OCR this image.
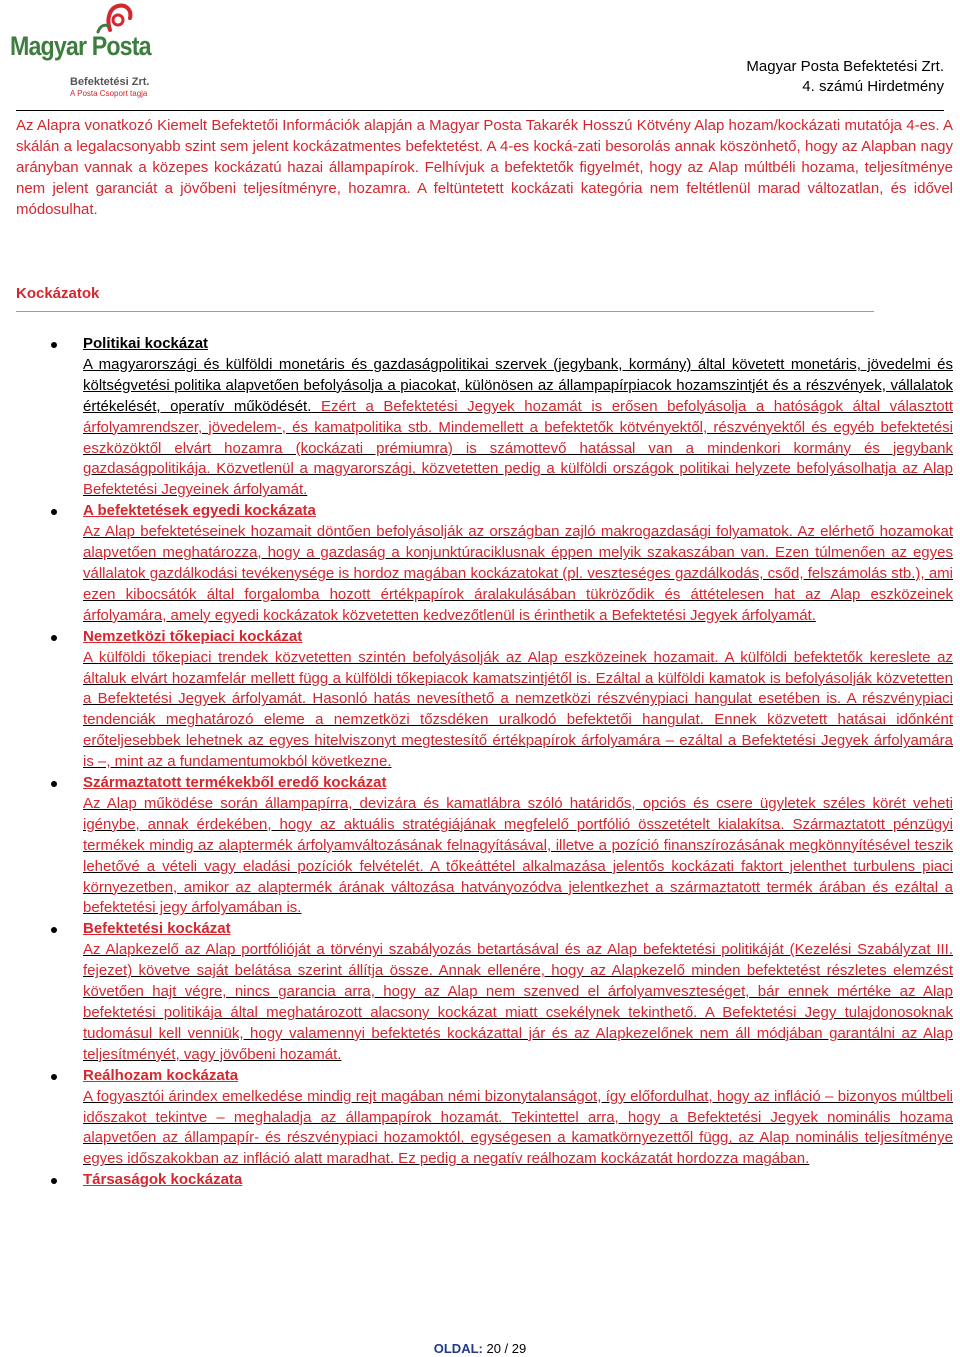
Magyar Posta
Befektetési Zrt.
A Posta Csoport tagja
Magyar Posta Befektetési Zrt.
4. számú Hirdetmény

Az Alapra vonatkozó Kiemelt Befektetői Információk alapján a Magyar Posta Takarék Hosszú Kötvény Alap hozam/kockázati mutatója 4-es. A skálán a legalacsonyabb szint sem jelent kockázatmentes befektetést. A 4-es kocká-zati besorolás annak köszönhető, hogy az Alapban nagy arányban vannak a közepes kockázatú hazai állampapírok. Felhívjuk a befektetők figyelmét, hogy az Alap múltbéli hozama, teljesítménye nem jelent garanciát a jövőbeni teljesítményre, hozamra. A feltüntetett kockázati kategória nem feltétlenül marad változatlan, és idővel módosulhat.

Kockázatok
Politikai kockázat
A magyarországi és külföldi monetáris és gazdaságpolitikai szervek (jegybank, kormány) által követett monetáris, jövedelmi és költségvetési politika alapvetően befolyásolja a piacokat, különösen az állampapírpiacok hozamszintjét és a részvények, vállalatok értékelését, operatív működését. Ezért a Befektetési Jegyek hozamát is erősen befolyásolja a hatóságok által választott árfolyamrendszer, jövedelem-, és kamatpolitika stb. Mindemellett a befektetők kötvényektől, részvényektől és egyéb befektetési eszközöktől elvárt hozamra (kockázati prémiumra) is számottevő hatással van a mindenkori kormány és jegybank gazdaságpolitikája. Közvetlenül a magyarországi, közvetetten pedig a külföldi országok politikai helyzete befolyásolhatja az Alap Befektetési Jegyeinek árfolyamát.
A befektetések egyedi kockázata
Az Alap befektetéseinek hozamait döntően befolyásolják az országban zajló makrogazdasági folyamatok. Az elérhető hozamokat alapvetően meghatározza, hogy a gazdaság a konjunktúraciklusnak éppen melyik szakaszában van. Ezen túlmenően az egyes vállalatok gazdálkodási tevékenysége is hordoz magában kockázatokat (pl. veszteséges gazdálkodás, csőd, felszámolás stb.), ami ezen kibocsátók által forgalomba hozott értékpapírok áralakulásában tükröződik és áttételesen hat az Alap eszközeinek árfolyamára, amely egyedi kockázatok közvetetten kedvezőtlenül is érinthetik a Befektetési Jegyek árfolyamát.
Nemzetközi tőkepiaci kockázat
A külföldi tőkepiaci trendek közvetetten szintén befolyásolják az Alap eszközeinek hozamait. A külföldi befektetők kereslete az általuk elvárt hozamfelár mellett függ a külföldi tőkepiacok kamatszintjétől is. Ezáltal a külföldi kamatok is befolyásolják közvetetten a Befektetési Jegyek árfolyamát. Hasonló hatás nevesíthető a nemzetközi részvénypiaci hangulat esetében is. A részvénypiaci tendenciák meghatározó eleme a nemzetközi tőzsdéken uralkodó befektetői hangulat. Ennek közvetett hatásai időnként erőteljesebbek lehetnek az egyes hitelviszonyt megtestesítő értékpapírok árfolyamára – ezáltal a Befektetési Jegyek árfolyamára is –, mint az a fundamentumokból következne.
Származtatott termékekből eredő kockázat
Az Alap működése során állampapírra, devizára és kamatlábra szóló határidős, opciós és csere ügyletek széles körét veheti igénybe, annak érdekében, hogy az aktuális stratégiájának megfelelő portfólió összetételt kialakítsa. Származtatott pénzügyi termékek mindig az alaptermék árfolyamváltozásának felnagyításával, illetve a pozíció finanszírozásának megkönnyítésével teszik lehetővé a vételi vagy eladási pozíciók felvételét. A tőkeáttétel alkalmazása jelentős kockázati faktort jelenthet turbulens piaci környezetben, amikor az alaptermék árának változása hatványozódva jelentkezhet a származtatott termék árában és ezáltal a befektetési jegy árfolyamában is.
Befektetési kockázat
Az Alapkezelő az Alap portfólióját a törvényi szabályozás betartásával és az Alap befektetési politikáját (Kezelési Szabályzat III. fejezet) követve saját belátása szerint állítja össze. Annak ellenére, hogy az Alapkezelő minden befektetést részletes elemzést követően hajt végre, nincs garancia arra, hogy az Alap nem szenved el árfolyamveszteséget, bár ennek mértéke az Alap befektetési politikája által meghatározott alacsony kockázat miatt csekélynek tekinthető. A Befektetési Jegy tulajdonosoknak tudomásul kell venniük, hogy valamennyi befektetés kockázattal jár és az Alapkezelőnek nem áll módjában garantálni az Alap teljesítményét, vagy jövőbeni hozamát.
Reálhozam kockázata
A fogyasztói árindex emelkedése mindig rejt magában némi bizonytalanságot, így előfordulhat, hogy az infláció – bizonyos múltbeli időszakot tekintve – meghaladja az állampapírok hozamát. Tekintettel arra, hogy a Befektetési Jegyek nominális hozama alapvetően az állampapír- és részvénypiaci hozamoktól, egységesen a kamatkörnyezettől függ, az Alap nominális teljesítménye egyes időszakokban az infláció alatt maradhat. Ez pedig a negatív reálhozam kockázatát hordozza magában.
Társaságok kockázata
OLDAL: 20 / 29
